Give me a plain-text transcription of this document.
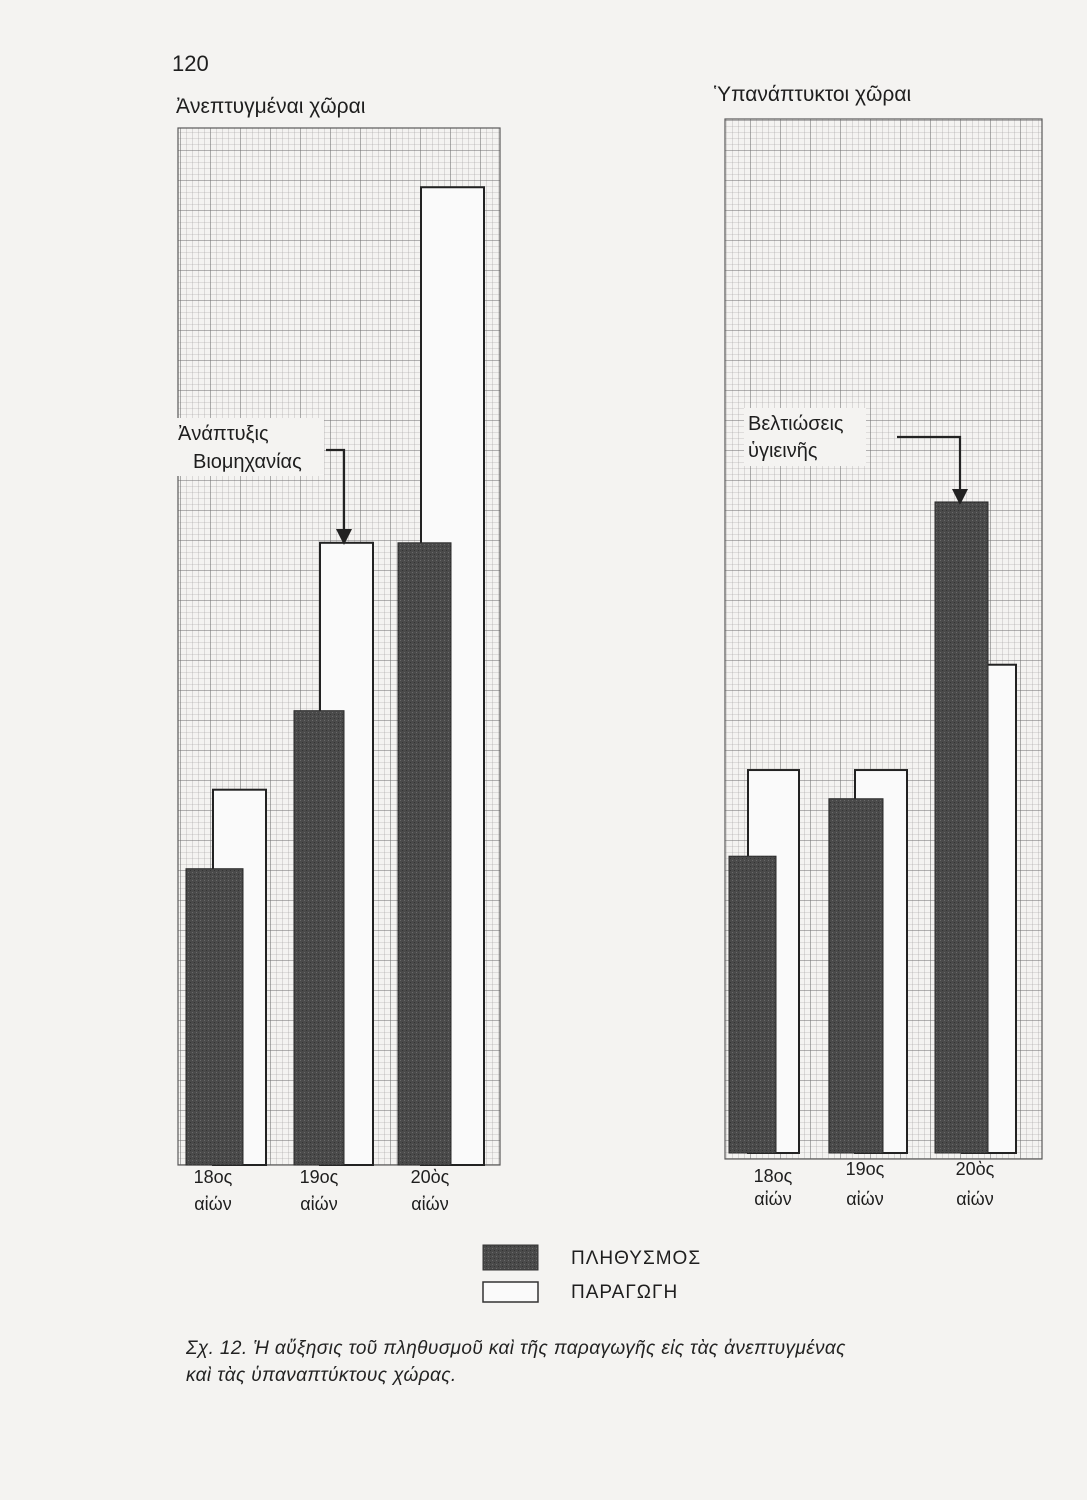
120
Ἀνεπτυγμέναι χῶραι
18ος
αἰών
19ος
αἰών
20ὸς
αἰών
Ἀνάπτυξις
Βιομηχανίας
Ὑπανάπτυκτοι χῶραι
18ος
αἰών
19ος
αἰών
20ὸς
αἰών
Βελτιώσεις
ὑγιεινῆς
ΠΛΗΘΥΣΜΟΣ
ΠΑΡΑΓΩΓΗ
Σχ. 12. Ἡ αὔξησις τοῦ πληθυσμοῦ καὶ τῆς παραγωγῆς εἰς τὰς ἀνεπτυγμένας
καὶ τὰς ὑπαναπτύκτους χώρας.
